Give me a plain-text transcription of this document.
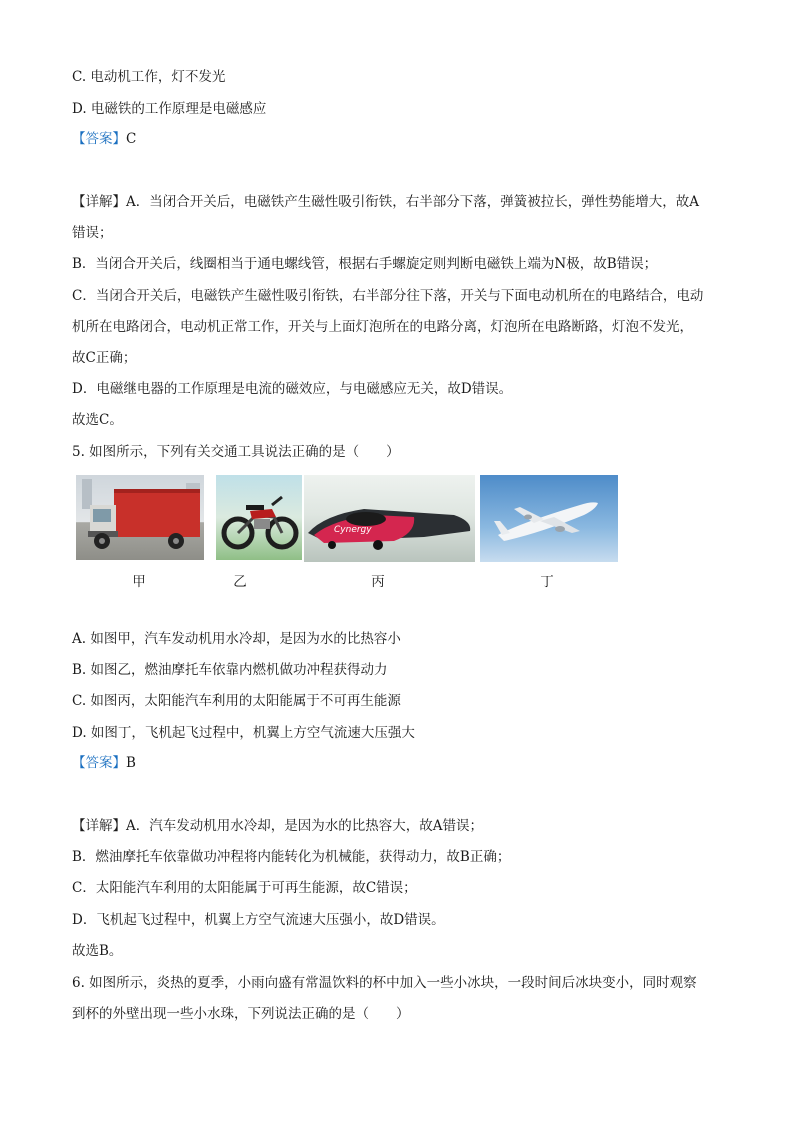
C. 电动机工作，灯不发光
D. 电磁铁的工作原理是电磁感应
【答案】C
【详解】A．当闭合开关后，电磁铁产生磁性吸引衔铁，右半部分下落，弹簧被拉长，弹性势能增大，故A
错误；
B．当闭合开关后，线圈相当于通电螺线管，根据右手螺旋定则判断电磁铁上端为N极，故B错误；
C．当闭合开关后，电磁铁产生磁性吸引衔铁，右半部分往下落，开关与下面电动机所在的电路结合，电动
机所在电路闭合，电动机正常工作，开关与上面灯泡所在的电路分离，灯泡所在电路断路，灯泡不发光，
故C正确；
D．电磁继电器的工作原理是电流的磁效应，与电磁感应无关，故D错误。
故选C。
5. 如图所示，下列有关交通工具说法正确的是（　　）
甲	乙
Cynergy
丙	丁
A. 如图甲，汽车发动机用水冷却，是因为水的比热容小
B. 如图乙，燃油摩托车依靠内燃机做功冲程获得动力
C. 如图丙，太阳能汽车利用的太阳能属于不可再生能源
D. 如图丁，飞机起飞过程中，机翼上方空气流速大压强大
【答案】B
【详解】A．汽车发动机用水冷却，是因为水的比热容大，故A错误；
B．燃油摩托车依靠做功冲程将内能转化为机械能，获得动力，故B正确；
C．太阳能汽车利用的太阳能属于可再生能源，故C错误；
D．飞机起飞过程中，机翼上方空气流速大压强小，故D错误。
故选B。
6. 如图所示，炎热的夏季，小雨向盛有常温饮料的杯中加入一些小冰块，一段时间后冰块变小，同时观察
到杯的外壁出现一些小水珠，下列说法正确的是（　　）
